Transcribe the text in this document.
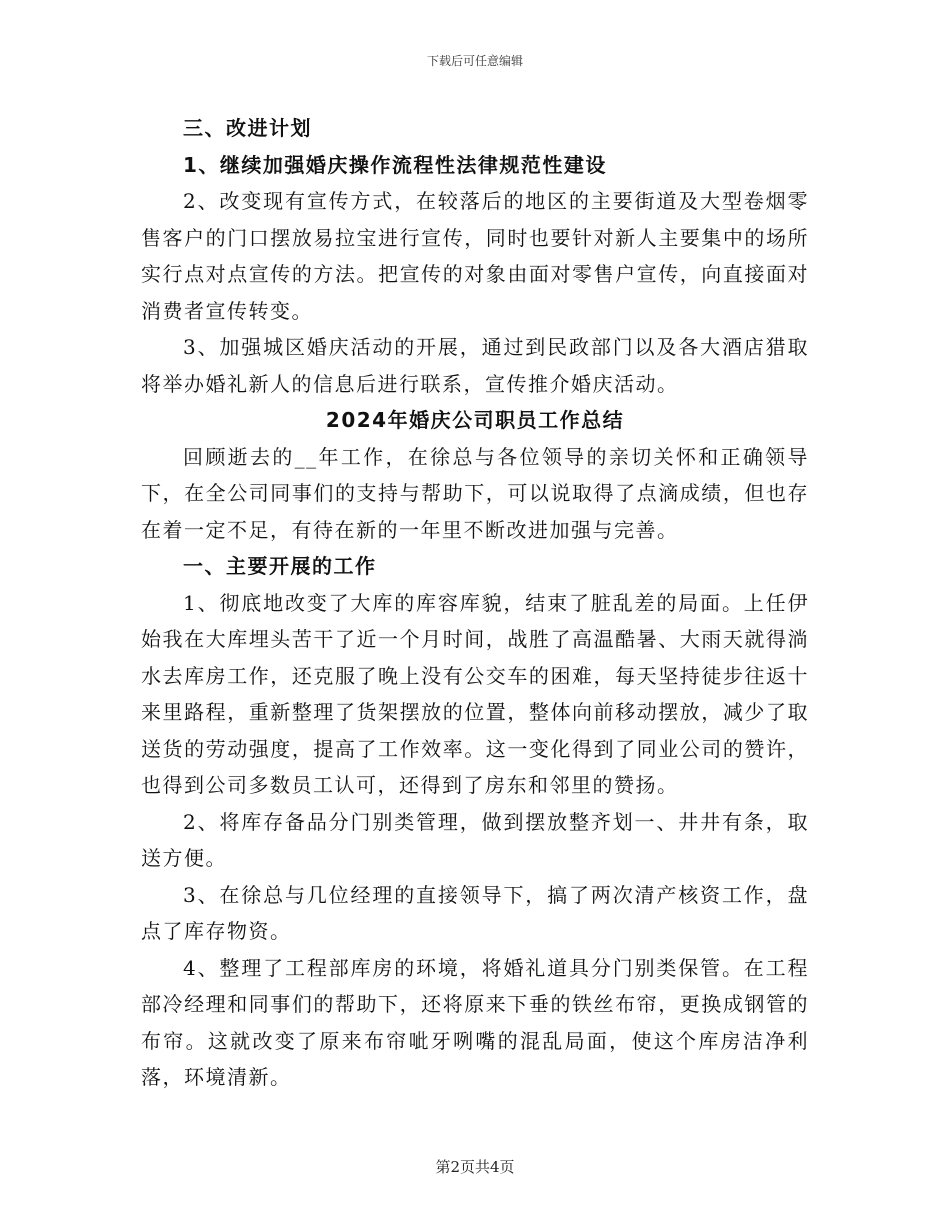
下载后可任意编辑

三、改进计划

1、继续加强婚庆操作流程性法律规范性建设

2、改变现有宣传方式，在较落后的地区的主要街道及大型卷烟零售客户的门口摆放易拉宝进行宣传，同时也要针对新人主要集中的场所实行点对点宣传的方法。把宣传的对象由面对零售户宣传，向直接面对消费者宣传转变。

3、加强城区婚庆活动的开展，通过到民政部门以及各大酒店猎取将举办婚礼新人的信息后进行联系，宣传推介婚庆活动。

2024年婚庆公司职员工作总结

回顾逝去的__年工作，在徐总与各位领导的亲切关怀和正确领导下，在全公司同事们的支持与帮助下，可以说取得了点滴成绩，但也存在着一定不足，有待在新的一年里不断改进加强与完善。

一、主要开展的工作

1、彻底地改变了大库的库容库貌，结束了脏乱差的局面。上任伊始我在大库埋头苦干了近一个月时间，战胜了高温酷暑、大雨天就得淌水去库房工作，还克服了晚上没有公交车的困难，每天坚持徒步往返十来里路程，重新整理了货架摆放的位置，整体向前移动摆放，减少了取送货的劳动强度，提高了工作效率。这一变化得到了同业公司的赞许，也得到公司多数员工认可，还得到了房东和邻里的赞扬。

2、将库存备品分门别类管理，做到摆放整齐划一、井井有条，取送方便。

3、在徐总与几位经理的直接领导下，搞了两次清产核资工作，盘点了库存物资。

4、整理了工程部库房的环境，将婚礼道具分门别类保管。在工程部冷经理和同事们的帮助下，还将原来下垂的铁丝布帘，更换成钢管的布帘。这就改变了原来布帘呲牙咧嘴的混乱局面，使这个库房洁净利落，环境清新。

第2页共4页
